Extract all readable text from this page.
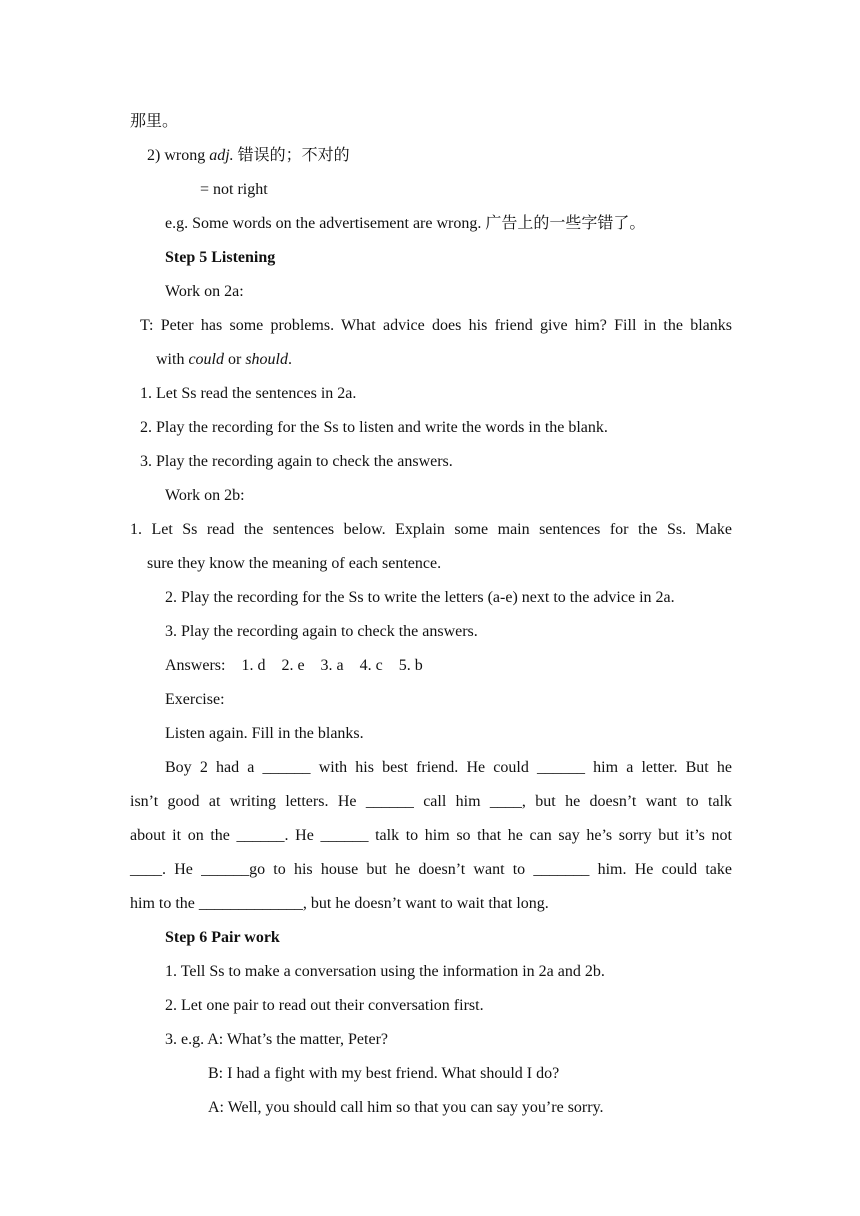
那里。
2) wrong adj. 错误的；不对的
= not right
e.g. Some words on the advertisement are wrong. 广告上的一些字错了。
Step 5 Listening
Work on 2a:
T: Peter has some problems. What advice does his friend give him? Fill in the blanks
with could or should.
1. Let Ss read the sentences in 2a.
2. Play the recording for the Ss to listen and write the words in the blank.
3. Play the recording again to check the answers.
Work on 2b:
1. Let Ss read the sentences below. Explain some main sentences for the Ss. Make
sure they know the meaning of each sentence.
2. Play the recording for the Ss to write the letters (a-e) next to the advice in 2a.
3. Play the recording again to check the answers.
Answers:    1. d    2. e    3. a    4. c    5. b
Exercise:
Listen again. Fill in the blanks.
Boy 2 had a ______ with his best friend. He could ______ him a letter. But he
isn’t good at writing letters. He ______ call him ____, but he doesn’t want to talk
about it on the ______. He ______ talk to him so that he can say he’s sorry but it’s not
____. He ______go to his house but he doesn’t want to _______ him. He could take
him to the _____________, but he doesn’t want to wait that long.
Step 6 Pair work
1. Tell Ss to make a conversation using the information in 2a and 2b.
2. Let one pair to read out their conversation first.
3. e.g. A: What’s the matter, Peter?
B: I had a fight with my best friend. What should I do?
A: Well, you should call him so that you can say you’re sorry.
